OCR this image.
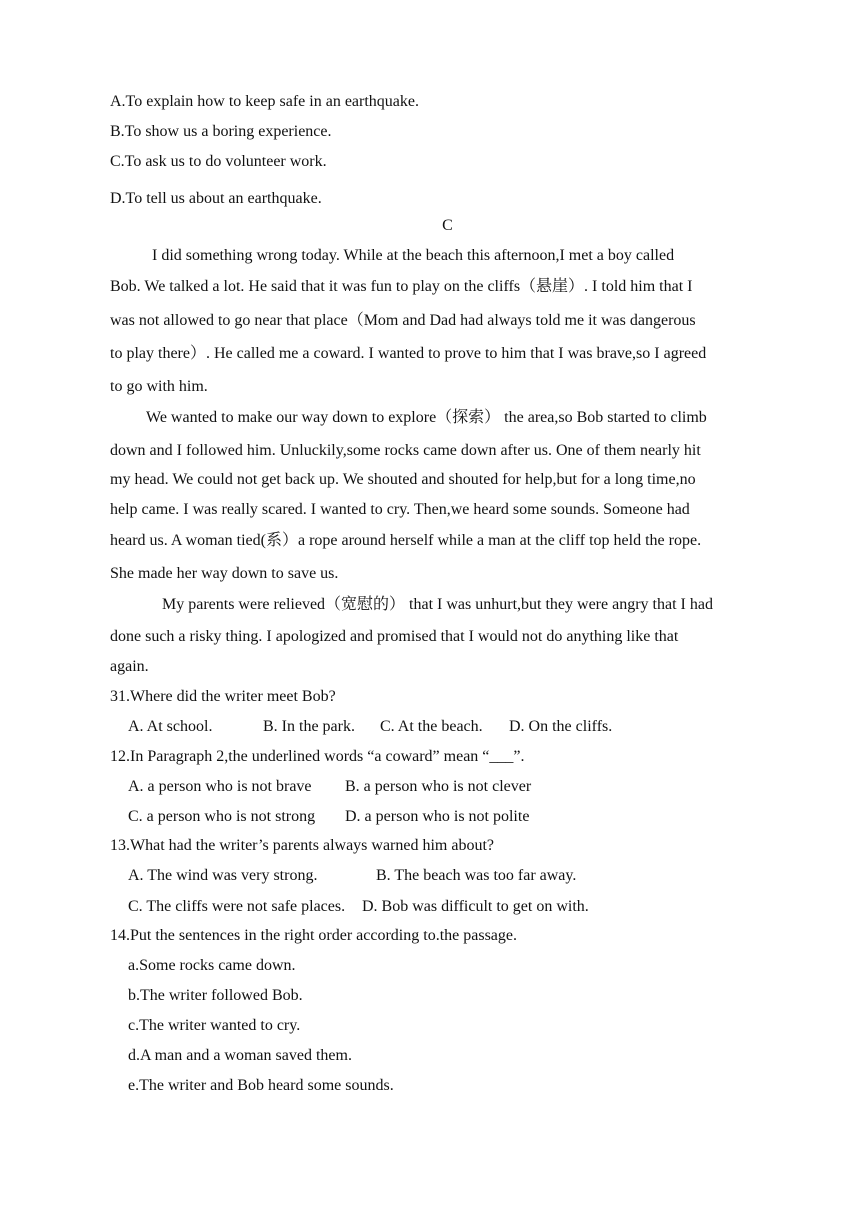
A.To explain how to keep safe in an earthquake.
B.To show us a boring experience.
C.To ask us to do volunteer work.
D.To tell us about an earthquake.
C
I did something wrong today. While at the beach this afternoon,I met a boy called
Bob. We talked a lot. He said that it was fun to play on the cliffs（悬崖）. I told him that I
was not allowed to go near that place（Mom and Dad had always told me it was dangerous
to play there）. He called me a coward. I wanted to prove to him that I was brave,so I agreed
to go with him.
We wanted to make our way down to explore（探索） the area,so Bob started to climb
down and I followed him. Unluckily,some rocks came down after us. One of them nearly hit
my head. We could not get back up. We shouted and shouted for help,but for a long time,no
help came. I was really scared. I wanted to cry. Then,we heard some sounds. Someone had
heard us. A woman tied(系）a rope around herself while a man at the cliff top held the rope.
She made her way down to save us.
My parents were relieved（宽慰的） that I was unhurt,but they were angry that I had
done such a risky thing. I apologized and promised that I would not do anything like that
again.
31.Where did the writer meet Bob?
A. At school.	B. In the park. C. At the beach. D. On the cliffs.
12.In Paragraph 2,the underlined words “a coward” mean “___”.
A. a person who is not brave B. a person who is not clever
C. a person who is not strong D. a person who is not polite
13.What had the writer’s parents always warned him about?
A. The wind was very strong.	B. The beach was too far away.
C. The cliffs were not safe places. D. Bob was difficult to get on with.
14.Put the sentences in the right order according to.the passage.
a.Some rocks came down.
b.The writer followed Bob.
c.The writer wanted to cry.
d.A man and a woman saved them.
e.The writer and Bob heard some sounds.
